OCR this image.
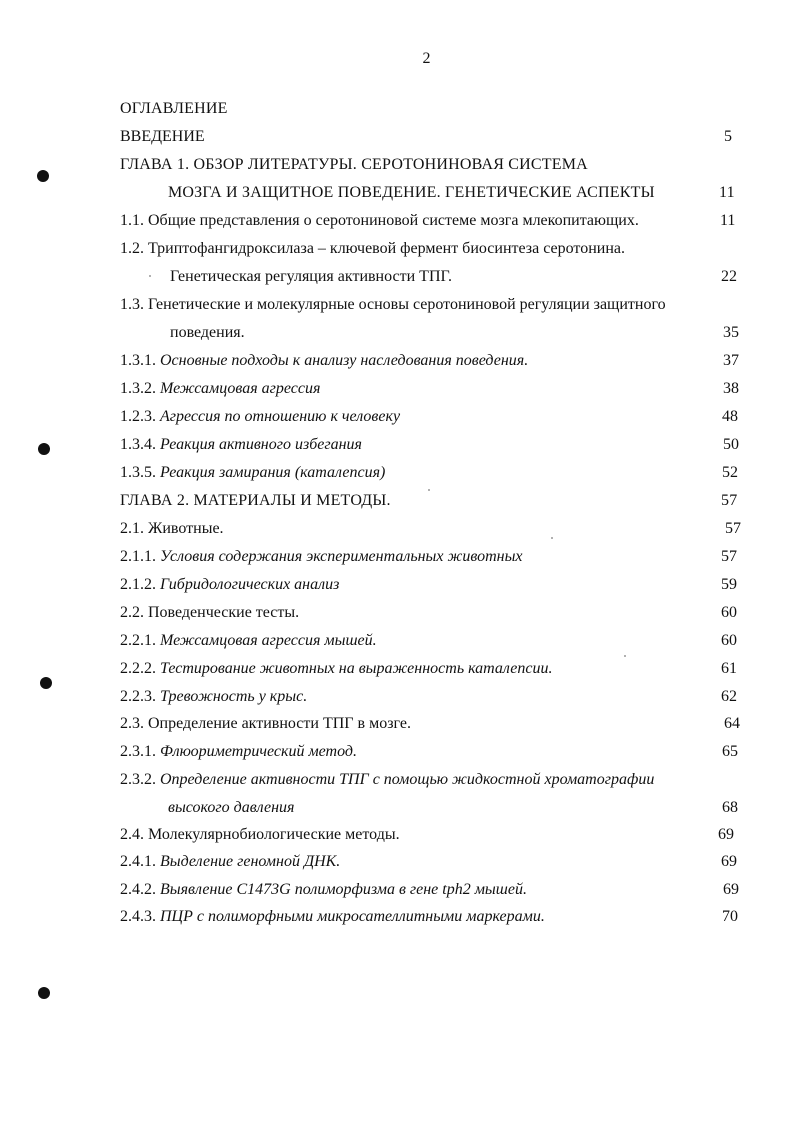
2
ОГЛАВЛЕНИЕ
ВВЕДЕНИЕ	5
ГЛАВА 1. ОБЗОР ЛИТЕРАТУРЫ. СЕРОТОНИНОВАЯ СИСТЕМА
МОЗГА И ЗАЩИТНОЕ ПОВЕДЕНИЕ. ГЕНЕТИЧЕСКИЕ АСПЕКТЫ	11
1.1. Общие представления о серотониновой системе мозга млекопитающих.	11
1.2. Триптофангидроксилаза – ключевой фермент биосинтеза серотонина.
Генетическая регуляция активности ТПГ.	22
1.3. Генетические и молекулярные основы серотониновой регуляции защитного
поведения.	35
1.3.1. Основные подходы к анализу наследования поведения.	37
1.3.2. Межсамцовая агрессия	38
1.2.3. Агрессия по отношению к человеку	48
1.3.4. Реакция активного избегания	50
1.3.5. Реакция замирания (каталепсия)	52
ГЛАВА 2. МАТЕРИАЛЫ И МЕТОДЫ.	57
2.1. Животные.	57
2.1.1. Условия содержания экспериментальных животных	57
2.1.2. Гибридологических анализ	59
2.2. Поведенческие тесты.	60
2.2.1. Межсамцовая агрессия мышей.	60
2.2.2. Тестирование животных на выраженность каталепсии.	61
2.2.3. Тревожность у крыс.	62
2.3. Определение активности ТПГ в мозге.	64
2.3.1. Флюориметрический метод.	65
2.3.2. Определение активности ТПГ с помощью жидкостной хроматографии
высокого давления	68
2.4. Молекулярнобиологические методы.	69
2.4.1. Выделение геномной ДНК.	69
2.4.2. Выявление C1473G полиморфизма в гене tph2 мышей.	69
2.4.3. ПЦР с полиморфными микросателлитными маркерами.	70
